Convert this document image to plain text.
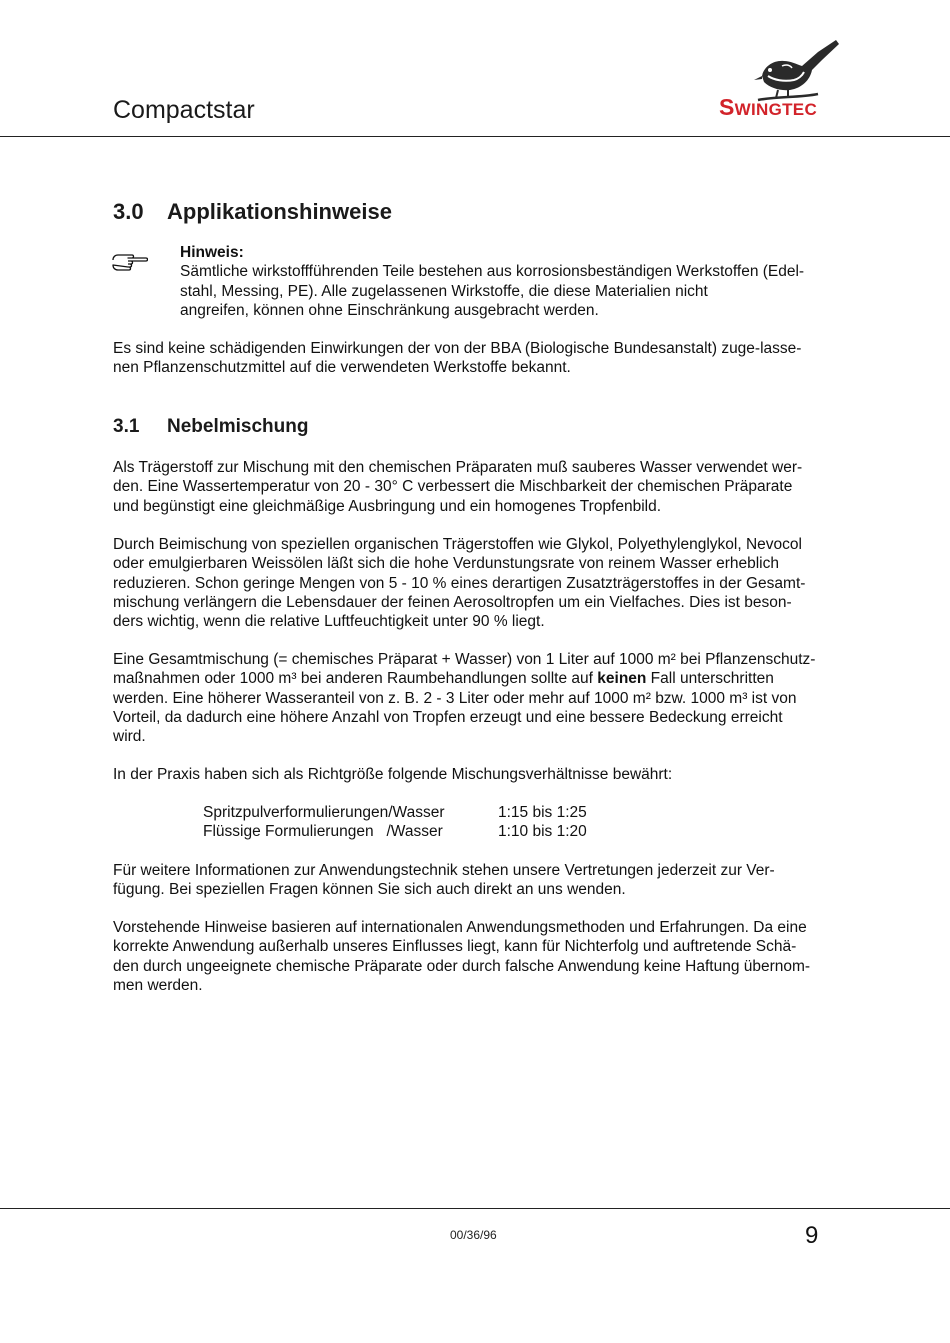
Compactstar	SWINGTEC
3.0 Applikationshinweise
Hinweis:
Sämtliche wirkstoffführenden Teile bestehen aus korrosionsbeständigen Werkstoffen (Edel-
stahl, Messing, PE). Alle zugelassenen Wirkstoffe, die diese Materialien nicht
angreifen, können ohne Einschränkung ausgebracht werden.
Es sind keine schädigenden Einwirkungen der von der BBA (Biologische Bundesanstalt) zuge-lasse-
nen Pflanzenschutzmittel auf die verwendeten Werkstoffe bekannt.
3.1 Nebelmischung
Als Trägerstoff zur Mischung mit den chemischen Präparaten muß sauberes Wasser verwendet wer-
den. Eine Wassertemperatur von 20 - 30° C verbessert die Mischbarkeit der chemischen Präparate
und begünstigt eine gleichmäßige Ausbringung und ein homogenes Tropfenbild.
Durch Beimischung von speziellen organischen Trägerstoffen wie Glykol, Polyethylenglykol, Nevocol
oder emulgierbaren Weissölen läßt sich die hohe Verdunstungsrate von reinem Wasser erheblich
reduzieren. Schon geringe Mengen von 5 - 10 % eines derartigen Zusatzträgerstoffes in der Gesamt-
mischung verlängern die Lebensdauer der feinen Aerosoltropfen um ein Vielfaches. Dies ist beson-
ders wichtig, wenn die relative Luftfeuchtigkeit unter 90 % liegt.
Eine Gesamtmischung (= chemisches Präparat + Wasser) von 1 Liter auf 1000 m² bei Pflanzenschutz-
maßnahmen oder 1000 m³ bei anderen Raumbehandlungen sollte auf keinen Fall unterschritten
werden. Eine höherer Wasseranteil von z. B. 2 - 3 Liter oder mehr auf 1000 m² bzw. 1000 m³ ist von
Vorteil, da dadurch eine höhere Anzahl von Tropfen erzeugt und eine bessere Bedeckung erreicht
wird.
In der Praxis haben sich als Richtgröße folgende Mischungsverhältnisse bewährt:
Spritzpulverformulierungen/Wasser	1:15 bis 1:25
Flüssige Formulierungen   /Wasser	1:10 bis 1:20
Für weitere Informationen zur Anwendungstechnik stehen unsere Vertretungen jederzeit zur Ver-
fügung. Bei speziellen Fragen können Sie sich auch direkt an uns wenden.
Vorstehende Hinweise basieren auf internationalen Anwendungsmethoden und Erfahrungen. Da eine
korrekte Anwendung außerhalb unseres Einflusses liegt, kann für Nichterfolg und auftretende Schä-
den durch ungeeignete chemische Präparate oder durch falsche Anwendung keine Haftung übernom-
men werden.
00/36/96	9
